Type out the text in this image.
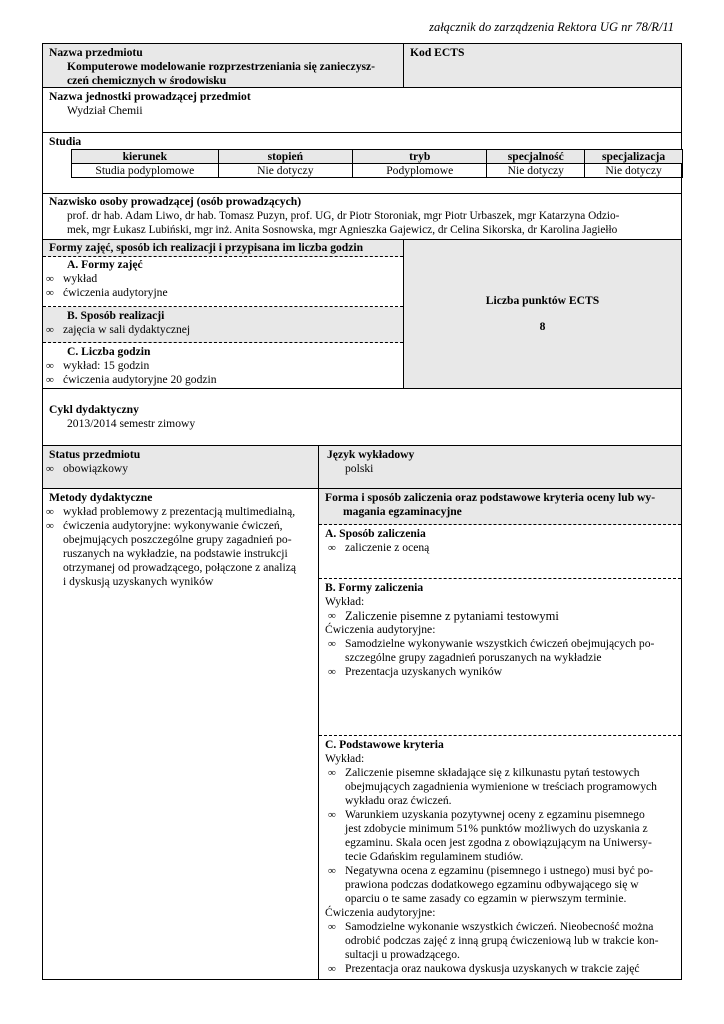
załącznik do zarządzenia Rektora UG nr 78/R/11
Nazwa przedmiotu
Komputerowe modelowanie rozprzestrzeniania się zanieczysz-
czeń chemicznych w środowisku
Kod ECTS
Nazwa jednostki prowadzącej przedmiot
Wydział Chemii
Studia
kierunek	stopień	tryb	specjalność	specjalizacja
Studia podyplomowe	Nie dotyczy	Podyplomowe	Nie dotyczy	Nie dotyczy
Nazwisko osoby prowadzącej (osób prowadzących)
prof. dr hab. Adam Liwo, dr hab. Tomasz Puzyn, prof. UG, dr Piotr Storoniak, mgr Piotr Urbaszek, mgr Katarzyna Odzio-
mek, mgr Łukasz Lubiński, mgr inż. Anita Sosnowska, mgr Agnieszka Gajewicz, dr Celina Sikorska, dr Karolina Jagiełło
Formy zajęć, sposób ich realizacji i przypisana im liczba godzin
A. Formy zajęć
∞ wykład
∞ ćwiczenia audytoryjne
B. Sposób realizacji
∞ zajęcia w sali dydaktycznej
C. Liczba godzin
∞ wykład: 15 godzin
∞ ćwiczenia audytoryjne 20 godzin
Liczba punktów ECTS
8
Cykl dydaktyczny
2013/2014 semestr zimowy
Status przedmiotu
∞ obowiązkowy
Język wykładowy
polski
Metody dydaktyczne
∞ wykład problemowy z prezentacją multimedialną,
∞ ćwiczenia audytoryjne: wykonywanie ćwiczeń,
obejmujących poszczególne grupy zagadnień po-
ruszanych na wykładzie, na podstawie instrukcji
otrzymanej od prowadzącego, połączone z analizą
i dyskusją uzyskanych wyników
Forma i sposób zaliczenia oraz podstawowe kryteria oceny lub wy-
magania egzaminacyjne
A. Sposób zaliczenia
∞ zaliczenie z oceną
B. Formy zaliczenia
Wykład:
∞ Zaliczenie pisemne z pytaniami testowymi
Ćwiczenia audytoryjne:
∞ Samodzielne wykonywanie wszystkich ćwiczeń obejmujących po-
szczególne grupy zagadnień poruszanych na wykładzie
∞ Prezentacja uzyskanych wyników
C. Podstawowe kryteria
Wykład:
∞ Zaliczenie pisemne składające się z kilkunastu pytań testowych
obejmujących zagadnienia wymienione w treściach programowych
wykładu oraz ćwiczeń.
∞ Warunkiem uzyskania pozytywnej oceny z egzaminu pisemnego
jest zdobycie minimum 51% punktów możliwych do uzyskania z
egzaminu. Skala ocen jest zgodna z obowiązującym na Uniwersy-
tecie Gdańskim regulaminem studiów.
∞ Negatywna ocena z egzaminu (pisemnego i ustnego) musi być po-
prawiona podczas dodatkowego egzaminu odbywającego się w
oparciu o te same zasady co egzamin w pierwszym terminie.
Ćwiczenia audytoryjne:
∞ Samodzielne wykonanie wszystkich ćwiczeń. Nieobecność można
odrobić podczas zajęć z inną grupą ćwiczeniową lub w trakcie kon-
sultacji u prowadzącego.
∞ Prezentacja oraz naukowa dyskusja uzyskanych w trakcie zajęć
